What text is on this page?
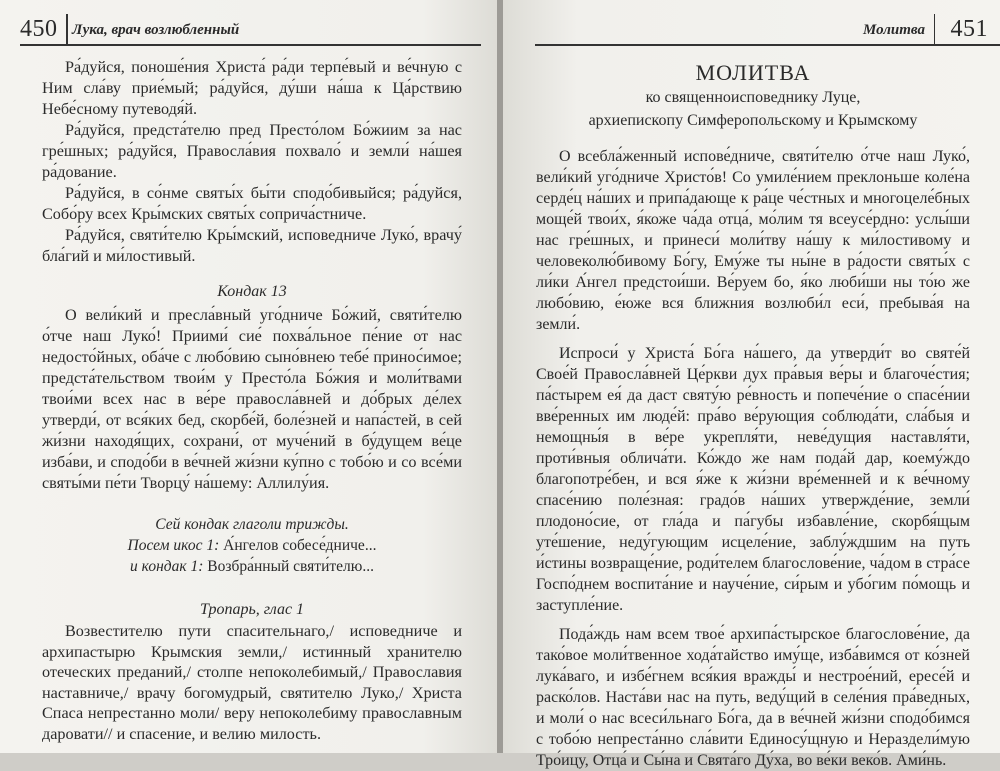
450 Лука, врач возлюбленный

Ра́дуйся, поноше́ния Христа́ ра́ди терпе́вый и ве́чную с Ним сла́ву прие́мый; ра́дуйся, ду́ши на́ша к Ца́рствию Небе́сному путеводя́й.

Ра́дуйся, предста́телю пред Престо́лом Бо́жиим за нас гре́шных; ра́дуйся, Правосла́вия похвало́ и земли́ на́шея ра́дование.

Ра́дуйся, в со́нме святы́х бы́ти сподо́бивыйся; ра́дуйся, Собо́ру всех Кры́мских святы́х соприча́стниче.

Ра́дуйся, святи́телю Кры́мский, исповедниче Луко́, врачу́ бла́гий и ми́лостивый.

Кондак 13

О вели́кий и пресла́вный уго́дниче Бо́жий, святи́телю о́тче наш Луко́! Приими́ сие́ похва́льное пе́ние от нас недосто́йных, оба́че с любо́вию сыно́внею тебе́ принос́имое; предста́тельством твои́м у Престо́ла Бо́жия и моли́твами твои́ми всех нас в ве́ре правосла́вней и до́брых де́лех утверди́, от вся́ких бед, скорбе́й, боле́зней и напа́стей, в сей жи́зни находя́щих, сохрани́, от муче́ний в бу́дущем ве́це изба́ви, и сподо́би в ве́чней жи́зни ку́пно с тобо́ю и со все́ми святы́ми пе́ти Творцу́ на́шему: Аллилу́ия.

Сей кондак глаголи трижды.

Посем икос 1: А́нгелов собесе́дниче...

и кондак 1: Возбра́нный святи́телю...

Тропарь, глас 1

Возвестителю пути спасительнаго,/ исповедниче и архипастырю Крымския земли,/ истинный хранителю отеческих преданий,/ столпе непоколебимый,/ Православия наставниче,/ врачу богомудрый, святителю Луко,/ Христа Спаса непрестанно моли/ веру непоколебиму православным даровати// и спасение, и велию милость.

Молитва 451
МОЛИТВА

ко священноисповеднику Луце,

архиепископу Симферопольскому и Крымскому

О всебла́женный испове́дниче, святи́телю о́тче наш Луко́, вели́кий уго́дниче Христо́в! Со умиле́нием преклоньше коле́на серде́ц на́ших и припа́дающе к ра́це че́стных и многоцеле́бных моще́й твои́х, я́коже ча́да отца́, мо́лим тя всеусе́рдно: услы́ши нас гре́шных, и принеси́ моли́тву на́шу к ми́лостивому и человеколю́бивому Бо́гу, Ему́же ты ны́не в ра́дости святы́х с ли́ки А́нгел предстои́ши. Ве́руем бо, я́ко люби́ши ны то́ю же любо́вию, е́юже вся ближния возлюби́л еси́, пребыва́я на земли́.

Испроси́ у Христа́ Бо́га на́шего, да утверди́т во святе́й Свое́й Правосла́вней Це́ркви дух пра́выя ве́ры и благоче́стия; па́стырем ея́ да даст святу́ю ре́вность и попече́ние о спасе́нии вве́ренных им люде́й: пра́во ве́рующия соблюда́ти, сла́быя и немощны́я в ве́ре укрепля́ти, неве́дущия наставля́ти, проти́вныя облича́ти. Ко́ждо же нам пода́й дар, коему́ждо благопотре́бен, и вся я́же к жи́зни вре́менней и к ве́чному спасе́нию поле́зная: градо́в на́ших утвержде́ние, земли́ плодоно́сие, от гла́да и па́губы избавле́ние, скорбя́щым уте́шение, неду́гующим исцеле́ние, заблу́ждшим на путь и́стины возвраще́ние, роди́телем благослове́ние, ча́дом в стра́се Госпо́днем воспита́ние и науче́ние, си́рым и убо́гим по́мощь и заступле́ние.

Пода́ждь нам всем твое́ архипа́стырское благослове́ние, да тако́вое моли́твенное хода́тайство иму́ще, изба́вимся от ко́зней лука́ваго, и избе́гнем вся́кия вражды́ и нестрое́ний, ересе́й и раско́лов. Наста́ви нас на путь, веду́щий в селе́ния пра́ведных, и моли́ о нас всеси́льнаго Бо́га, да в ве́чней жи́зни сподо́бимся с тобо́ю непреста́нно сла́вити Единосу́щную и Нераздели́мую Тро́ицу, Отца́ и Сы́на и Свята́го Ду́ха, во ве́ки веко́в. Ами́нь.
